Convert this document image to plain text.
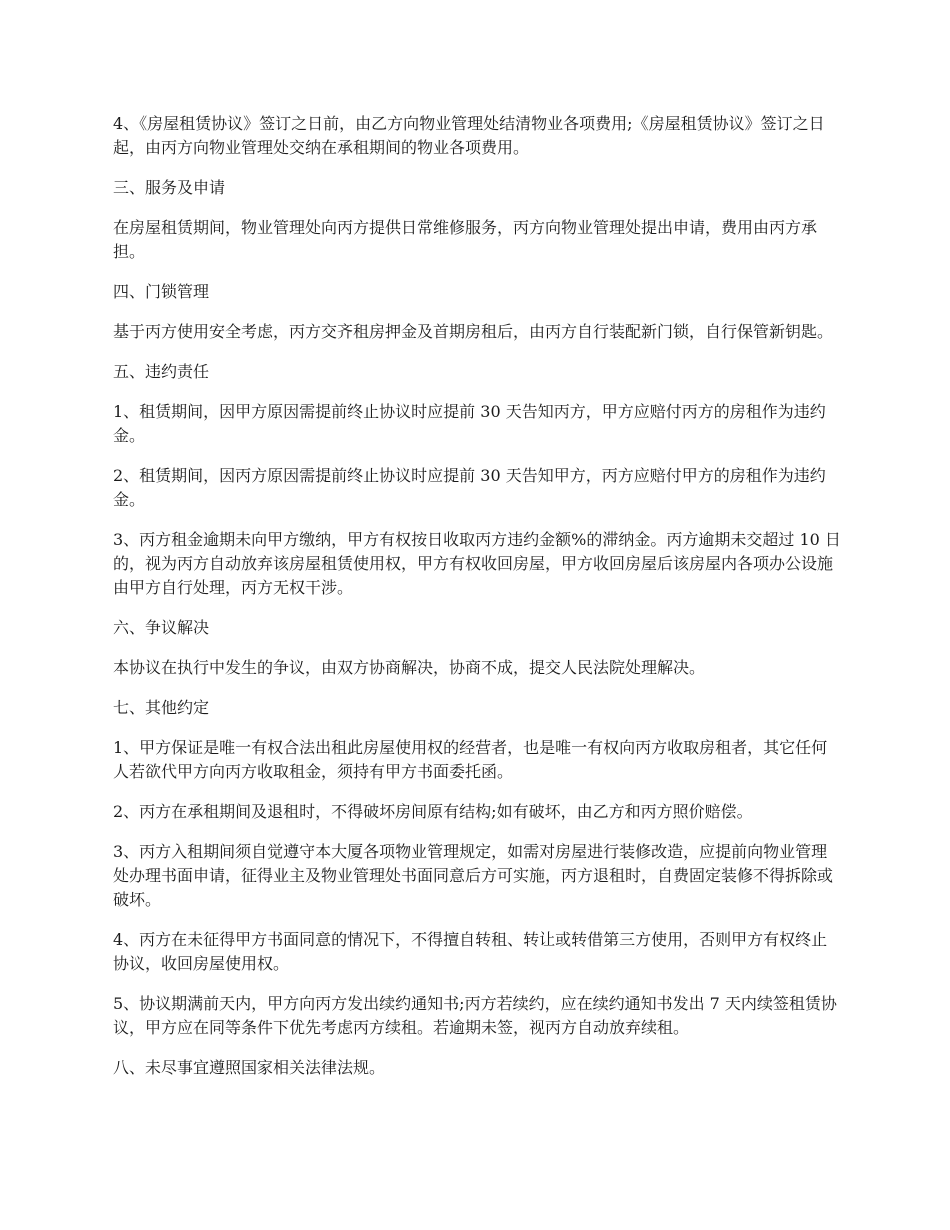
4、《房屋租赁协议》签订之日前，由乙方向物业管理处结清物业各项费用;《房屋租赁协议》签订之日起，由丙方向物业管理处交纳在承租期间的物业各项费用。

三、服务及申请

在房屋租赁期间，物业管理处向丙方提供日常维修服务，丙方向物业管理处提出申请，费用由丙方承担。

四、门锁管理

基于丙方使用安全考虑，丙方交齐租房押金及首期房租后，由丙方自行装配新门锁，自行保管新钥匙。

五、违约责任

1、租赁期间，因甲方原因需提前终止协议时应提前 30 天告知丙方，甲方应赔付丙方的房租作为违约金。

2、租赁期间，因丙方原因需提前终止协议时应提前 30 天告知甲方，丙方应赔付甲方的房租作为违约金。

3、丙方租金逾期未向甲方缴纳，甲方有权按日收取丙方违约金额%的滞纳金。丙方逾期未交超过 10 日的，视为丙方自动放弃该房屋租赁使用权，甲方有权收回房屋，甲方收回房屋后该房屋内各项办公设施由甲方自行处理，丙方无权干涉。

六、争议解决

本协议在执行中发生的争议，由双方协商解决，协商不成，提交人民法院处理解决。

七、其他约定

1、甲方保证是唯一有权合法出租此房屋使用权的经营者，也是唯一有权向丙方收取房租者，其它任何人若欲代甲方向丙方收取租金，须持有甲方书面委托函。

2、丙方在承租期间及退租时，不得破坏房间原有结构;如有破坏，由乙方和丙方照价赔偿。

3、丙方入租期间须自觉遵守本大厦各项物业管理规定，如需对房屋进行装修改造，应提前向物业管理处办理书面申请，征得业主及物业管理处书面同意后方可实施，丙方退租时，自费固定装修不得拆除或破坏。

4、丙方在未征得甲方书面同意的情况下，不得擅自转租、转让或转借第三方使用，否则甲方有权终止协议，收回房屋使用权。

5、协议期满前天内，甲方向丙方发出续约通知书;丙方若续约，应在续约通知书发出 7 天内续签租赁协议，甲方应在同等条件下优先考虑丙方续租。若逾期未签，视丙方自动放弃续租。

八、未尽事宜遵照国家相关法律法规。
